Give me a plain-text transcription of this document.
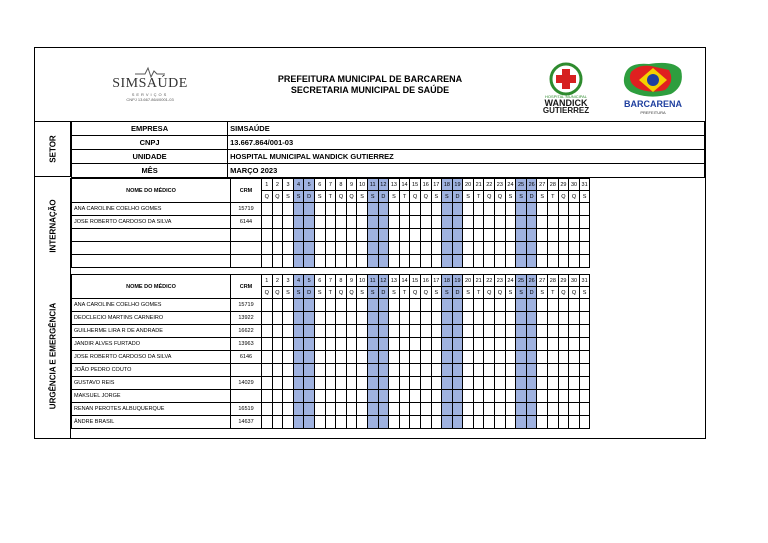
SIMSAÚDE
SERVIÇOS
CNPJ 13.667.864/0001-03
PREFEITURA MUNICIPAL DE BARCARENA
SECRETARIA MUNICIPAL DE SAÚDE
HOSPITAL MUNICIPAL
WANDICK
GUTIERREZ
BARCARENA
PREFEITURA
SETOR
EMPRESA	SIMSAÚDE
CNPJ	13.667.864/001-03
UNIDADE	HOSPITAL MUNICIPAL WANDICK GUTIERREZ
MÊS	MARÇO 2023
INTERNAÇÃO
NOME DO MÉDICO	CRM	1	2	3	4	5	6	7	8	9	10	11	12	13	14	15	16	17	18	19	20	21	22	23	24	25	26	27	28	29	30	31
		Q	Q	S	S	D	S	T	Q	Q	S	S	D	S	T	Q	Q	S	S	D	S	T	Q	Q	S	S	D	S	T	Q	Q	S
ANA CAROLINE COELHO GOMES	15719																															
JOSE ROBERTO CARDOSO DA SILVA	6144																															

URGÊNCIA E EMERGÊNCIA
NOME DO MÉDICO	CRM	1	2	3	4	5	6	7	8	9	10	11	12	13	14	15	16	17	18	19	20	21	22	23	24	25	26	27	28	29	30	31
		Q	Q	S	S	D	S	T	Q	Q	S	S	D	S	T	Q	Q	S	S	D	S	T	Q	Q	S	S	D	S	T	Q	Q	S
ANA CAROLINE COELHO GOMES	15719																															
DEOCLECIO MARTINS CARNEIRO	13922																															
GUILHERME LIRA R DE ANDRADE	16622																															
JANDIR ALVES FURTADO	13963																															
JOSE ROBERTO CARDOSO DA SILVA	6146																															
JOÃO PEDRO COUTO																																
GUSTAVO REIS	14029																															
MAKSUEL JORGE																																
RENAN PEROTES ALBUQUERQUE	16519																															
ÂNDRE BRASIL	14637																															
